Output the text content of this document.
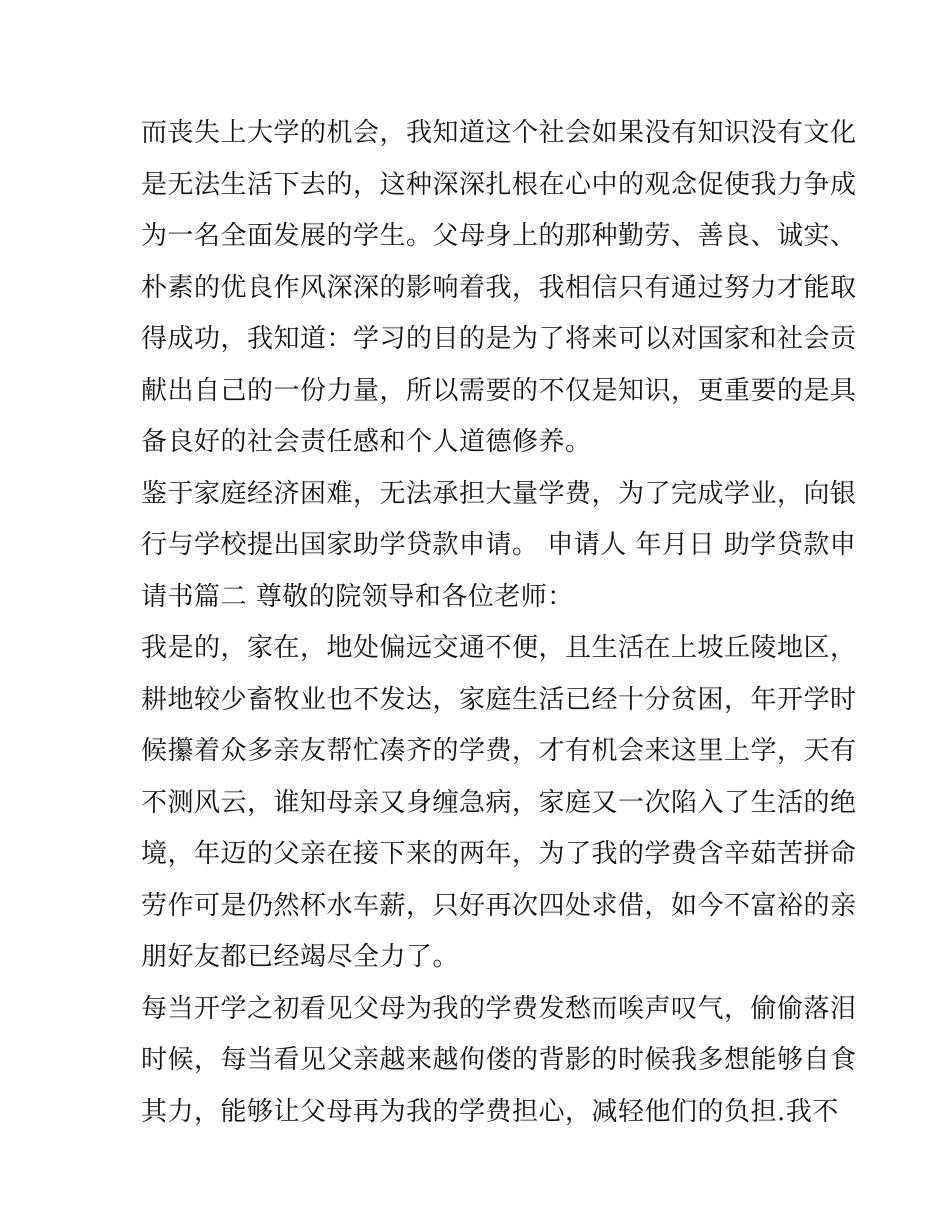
而丧失上大学的机会，我知道这个社会如果没有知识没有文化
是无法生活下去的，这种深深扎根在心中的观念促使我力争成
为一名全面发展的学生。父母身上的那种勤劳、善良、诚实、
朴素的优良作风深深的影响着我，我相信只有通过努力才能取
得成功，我知道：学习的目的是为了将来可以对国家和社会贡
献出自己的一份力量，所以需要的不仅是知识，更重要的是具
备良好的社会责任感和个人道德修养。
鉴于家庭经济困难，无法承担大量学费，为了完成学业，向银
行与学校提出国家助学贷款申请。 申请人 年月日 助学贷款申
请书篇二 尊敬的院领导和各位老师：
我是的，家在，地处偏远交通不便，且生活在上坡丘陵地区，
耕地较少畜牧业也不发达，家庭生活已经十分贫困，年开学时
候攥着众多亲友帮忙凑齐的学费，才有机会来这里上学，天有
不测风云，谁知母亲又身缠急病，家庭又一次陷入了生活的绝
境，年迈的父亲在接下来的两年，为了我的学费含辛茹苦拼命
劳作可是仍然杯水车薪，只好再次四处求借，如今不富裕的亲
朋好友都已经竭尽全力了。
每当开学之初看见父母为我的学费发愁而唉声叹气，偷偷落泪
时候，每当看见父亲越来越佝偻的背影的时候我多想能够自食
其力，能够让父母再为我的学费担心，减轻他们的负担.我不
